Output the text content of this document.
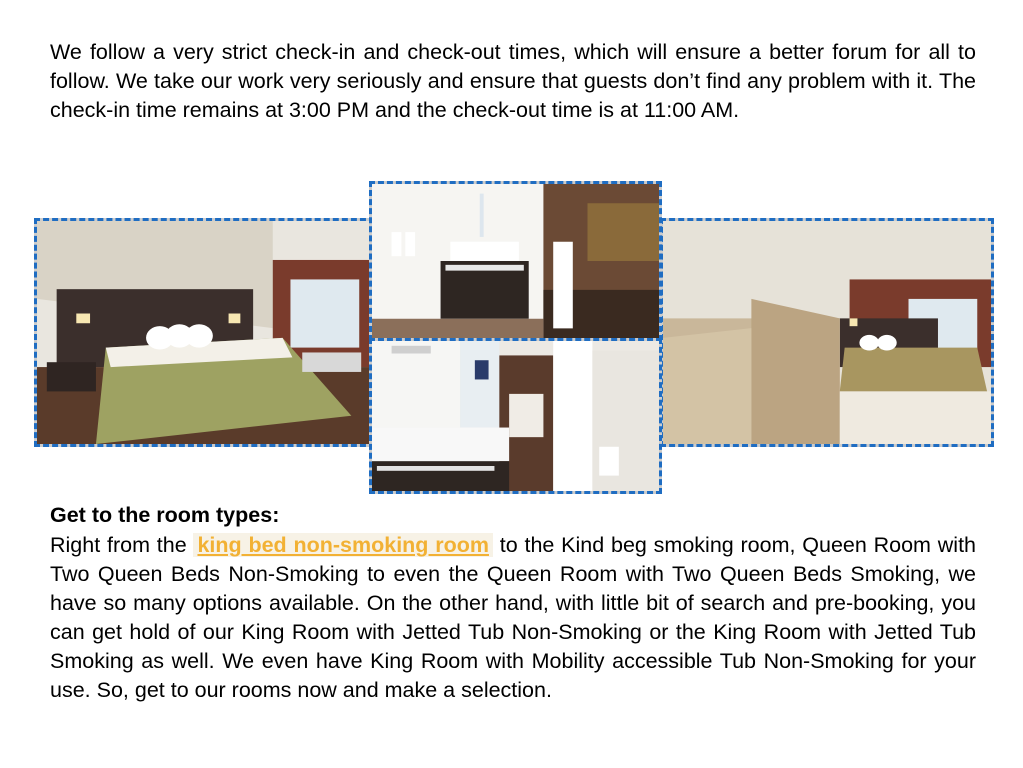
We follow a very strict check-in and check-out times, which will ensure a better forum for all to follow. We take our work very seriously and ensure that guests don’t find any problem with it. The check-in time remains at 3:00 PM and the check-out time is at 11:00 AM.

Get to the room types:

Right from the king bed non-smoking room to the Kind beg smoking room, Queen Room with Two Queen Beds Non-Smoking to even the Queen Room with Two Queen Beds Smoking, we have so many options available. On the other hand, with little bit of search and pre-booking, you can get hold of our King Room with Jetted Tub Non-Smoking or the King Room with Jetted Tub Smoking as well. We even have King Room with Mobility accessible Tub Non-Smoking for your use. So, get to our rooms now and make a selection.
